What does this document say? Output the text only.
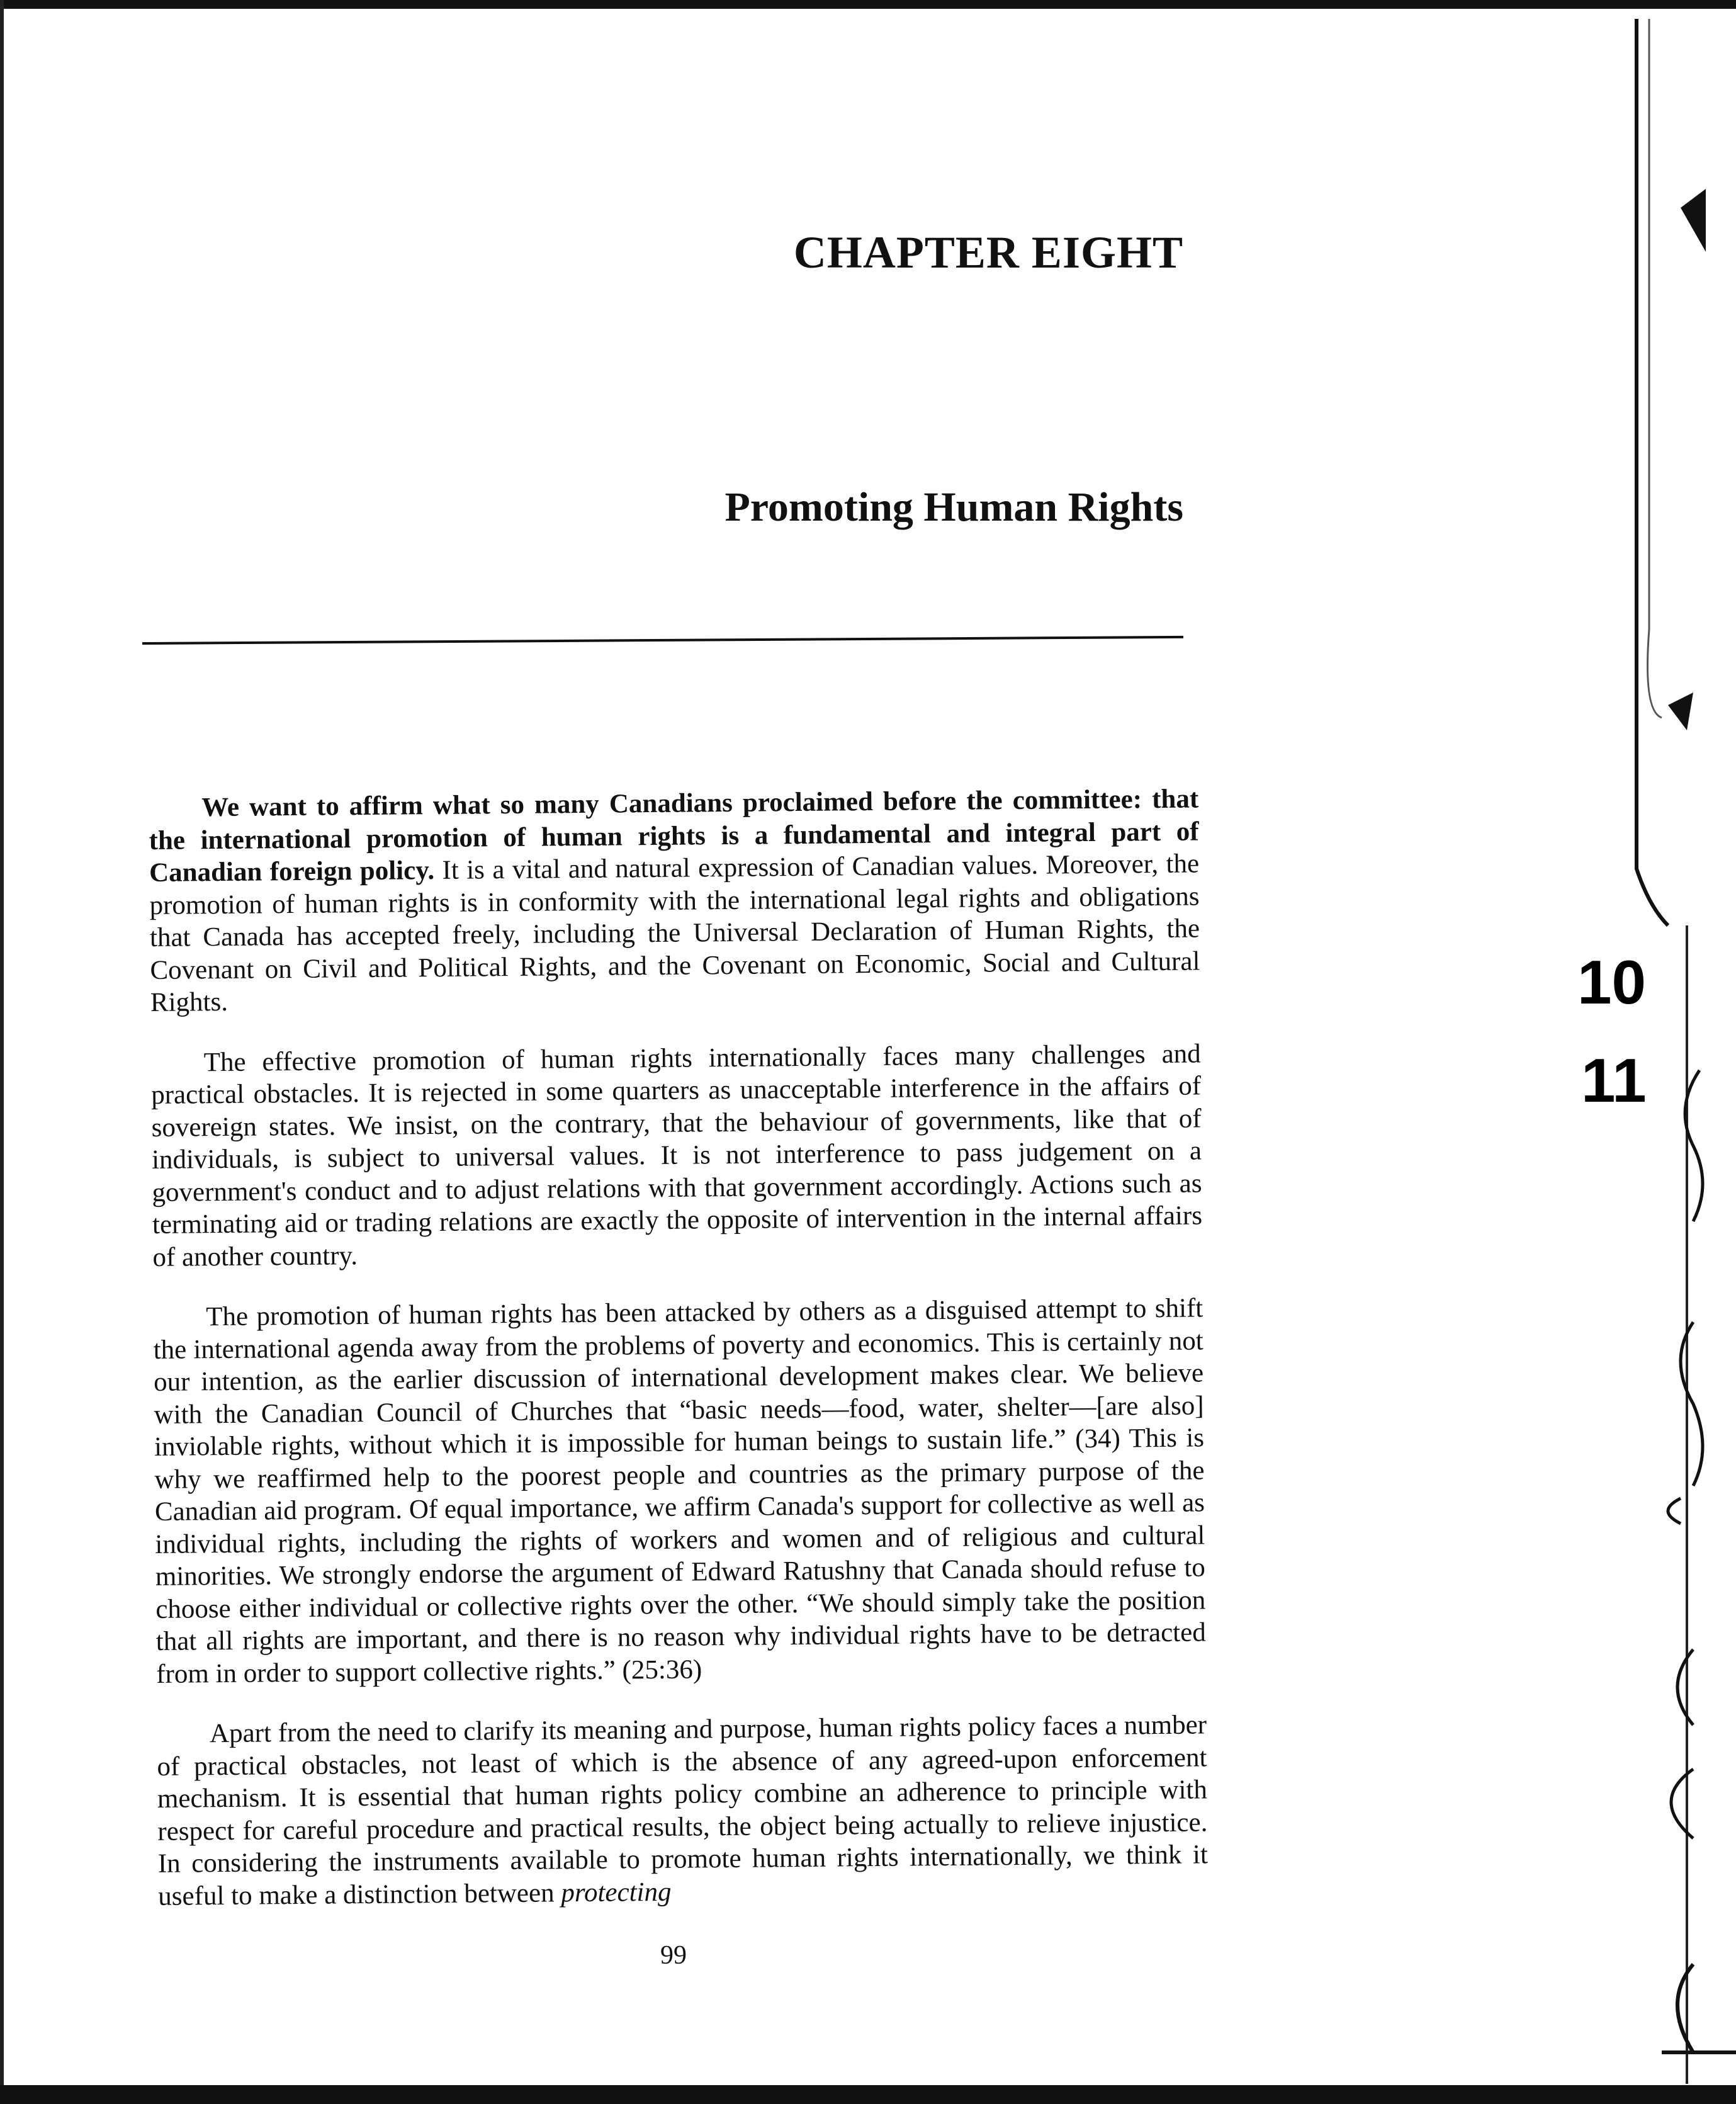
CHAPTER EIGHT
Promoting Human Rights

We want to affirm what so many Canadians proclaimed before the committee: that the international promotion of human rights is a fundamental and integral part of Canadian foreign policy. It is a vital and natural expression of Canadian values. Moreover, the promotion of human rights is in conformity with the international legal rights and obligations that Canada has accepted freely, including the Universal Declaration of Human Rights, the Covenant on Civil and Political Rights, and the Covenant on Economic, Social and Cultural Rights.

The effective promotion of human rights internationally faces many challenges and practical obstacles. It is rejected in some quarters as unacceptable interference in the affairs of sovereign states. We insist, on the contrary, that the behaviour of governments, like that of individuals, is subject to universal values. It is not interference to pass judgement on a government's conduct and to adjust relations with that government accordingly. Actions such as terminating aid or trading relations are exactly the opposite of intervention in the internal affairs of another country.

The promotion of human rights has been attacked by others as a disguised attempt to shift the international agenda away from the problems of poverty and economics. This is certainly not our intention, as the earlier discussion of international development makes clear. We believe with the Canadian Council of Churches that “basic needs—food, water, shelter—[are also] inviolable rights, without which it is impossible for human beings to sustain life.” (34) This is why we reaffirmed help to the poorest people and countries as the primary purpose of the Canadian aid program. Of equal importance, we affirm Canada's support for collective as well as individual rights, including the rights of workers and women and of religious and cultural minorities. We strongly endorse the argument of Edward Ratushny that Canada should refuse to choose either individual or collective rights over the other. “We should simply take the position that all rights are important, and there is no reason why individual rights have to be detracted from in order to support collective rights.” (25:36)

Apart from the need to clarify its meaning and purpose, human rights policy faces a number of practical obstacles, not least of which is the absence of any agreed-upon enforcement mechanism. It is essential that human rights policy combine an adherence to principle with respect for careful procedure and practical results, the object being actually to relieve injustice. In considering the instruments available to promote human rights internationally, we think it useful to make a distinction between protecting

99
10
11
